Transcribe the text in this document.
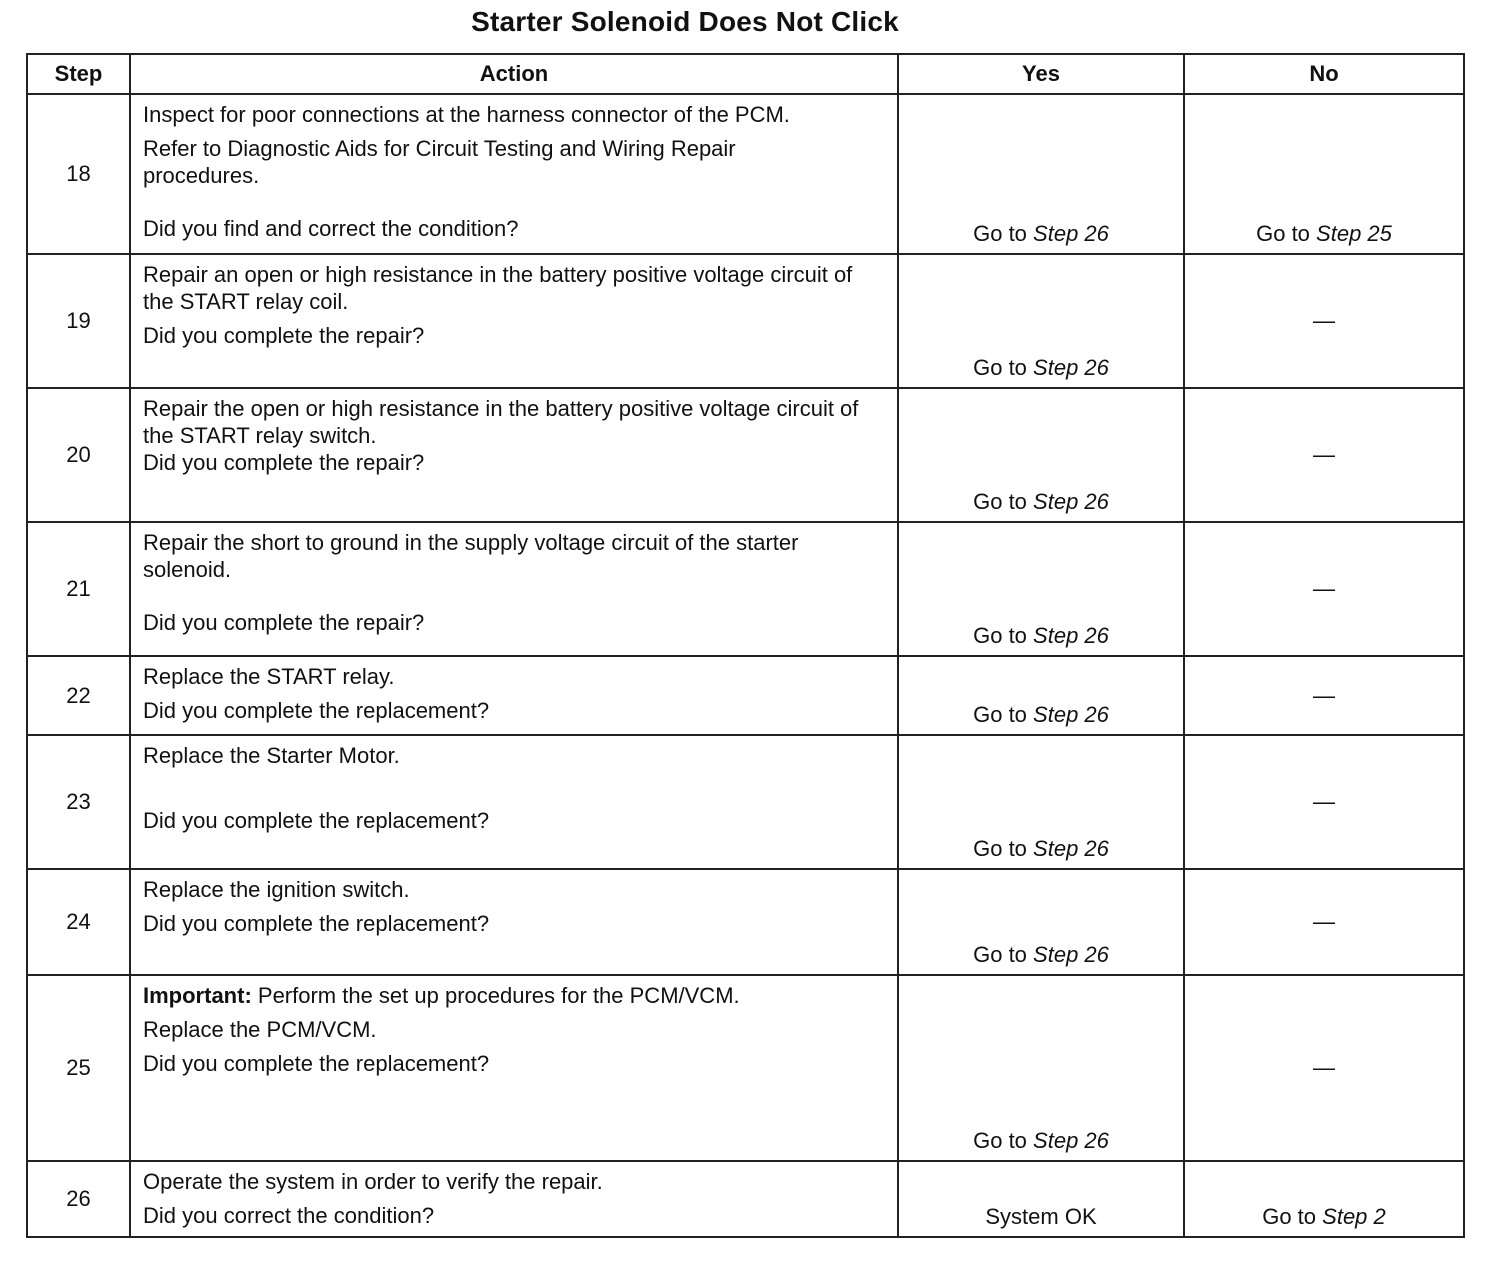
Starter Solenoid Does Not Click
Step	Action	Yes	No
18	Inspect for poor connections at the harness connector of the PCM.

Refer to Diagnostic Aids for Circuit Testing and Wiring Repair procedures.

Did you find and correct the condition?	Go to Step 26	Go to Step 25
19	Repair an open or high resistance in the battery positive voltage circuit of the START relay coil.

Did you complete the repair?	Go to Step 26	—
20	Repair the open or high resistance in the battery positive voltage circuit of the START relay switch.

Did you complete the repair?	Go to Step 26	—
21	Repair the short to ground in the supply voltage circuit of the starter solenoid.

Did you complete the repair?	Go to Step 26	—
22	Replace the START relay.

Did you complete the replacement?	Go to Step 26	—
23	Replace the Starter Motor.

Did you complete the replacement?	Go to Step 26	—
24	Replace the ignition switch.

Did you complete the replacement?	Go to Step 26	—
25	Important: Perform the set up procedures for the PCM/VCM.

Replace the PCM/VCM.

Did you complete the replacement?	Go to Step 26	—
26	Operate the system in order to verify the repair.

Did you correct the condition?	System OK	Go to Step 2
